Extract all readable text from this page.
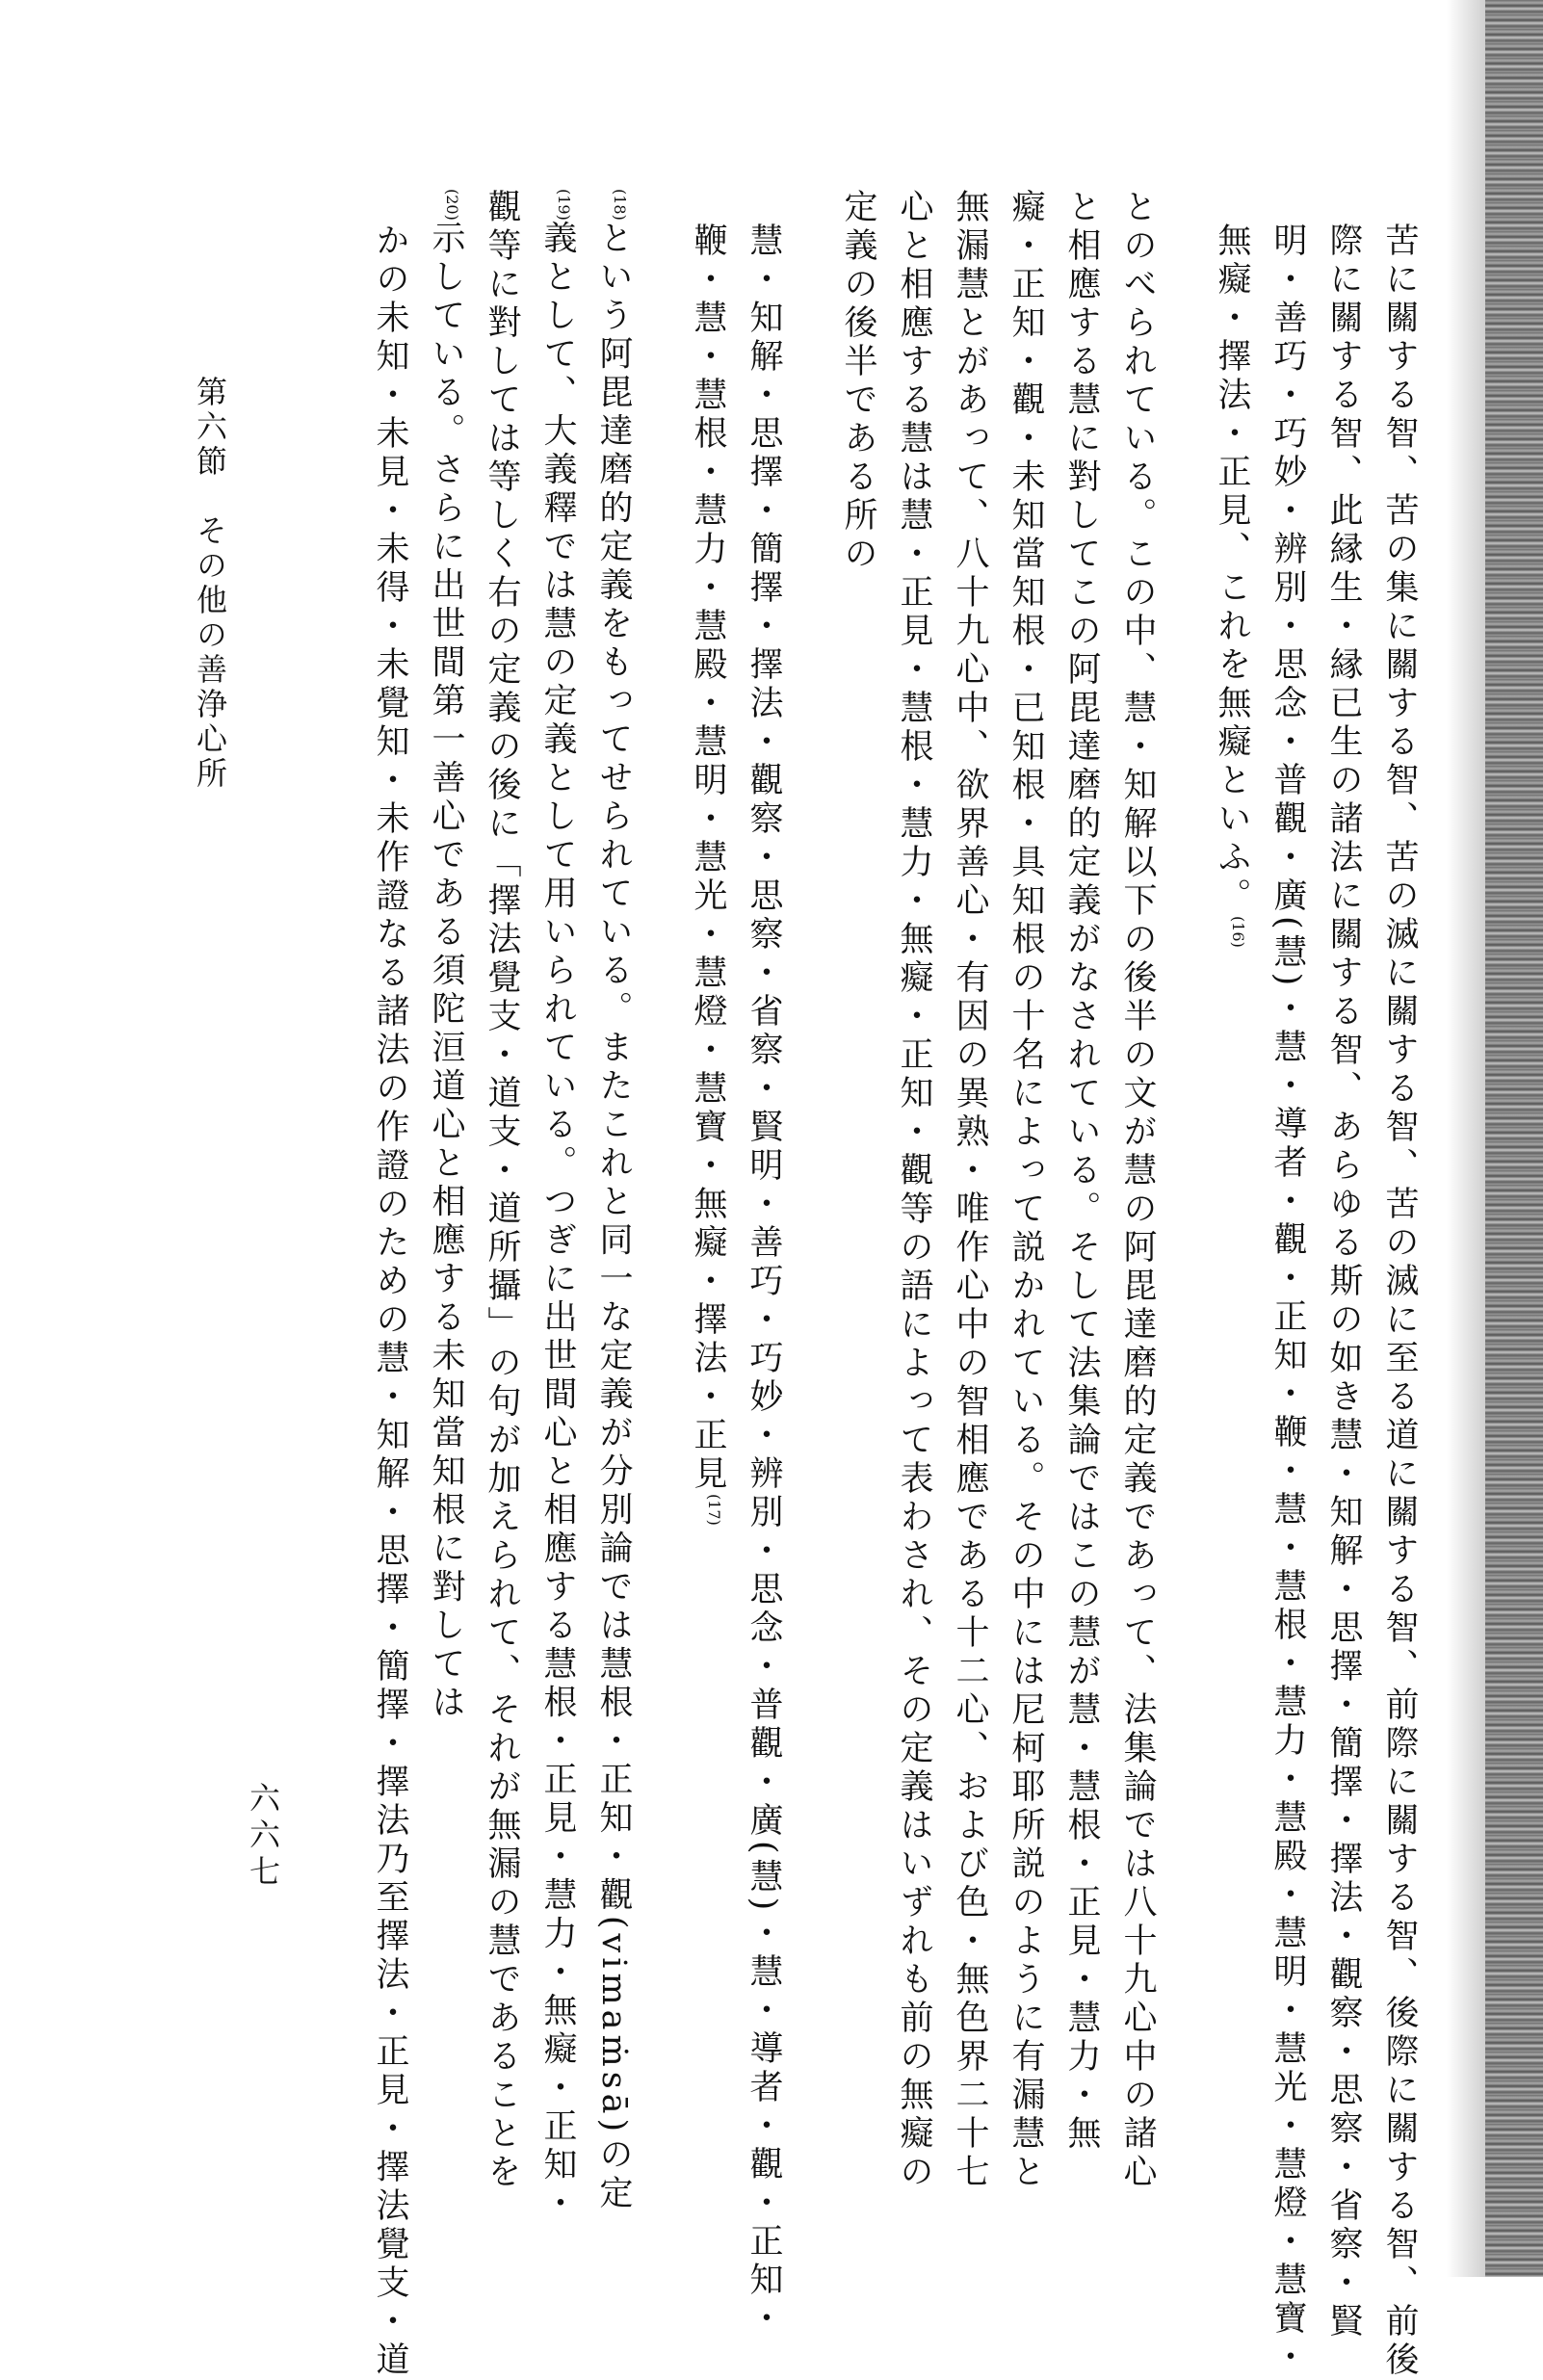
苦に關する智、苦の集に關する智、苦の滅に關する智、苦の滅に至る道に關する智、前際に關する智、後際に關する智、前後
際に關する智、此縁生・縁已生の諸法に關する智、あらゆる斯の如き慧・知解・思擇・簡擇・擇法・觀察・思察・省察・賢
明・善巧・巧妙・辨別・思念・普觀・廣(慧)・慧・導者・觀・正知・鞭・慧・慧根・慧力・慧殿・慧明・慧光・慧燈・慧寶・
無癡・擇法・正見、これを無癡といふ。$^{(16)}$
とのべられている。この中、慧・知解以下の後半の文が慧の阿毘達磨的定義であって、法集論では八十九心中の諸心
と相應する慧に對してこの阿毘達磨的定義がなされている。そして法集論ではこの慧が慧・慧根・正見・慧力・無
癡・正知・觀・未知當知根・已知根・具知根の十名によって説かれている。その中には尼柯耶所説のように有漏慧と
無漏慧とがあって、八十九心中、欲界善心・有因の異熟・唯作心中の智相應である十二心、および色・無色界二十七
心と相應する慧は慧・正見・慧根・慧力・無癡・正知・觀等の語によって表わされ、その定義はいずれも前の無癡の
定義の後半である所の
慧・知解・思擇・簡擇・擇法・觀察・思察・省察・賢明・善巧・巧妙・辨別・思念・普觀・廣(慧)・慧・導者・觀・正知・
鞭・慧・慧根・慧力・慧殿・慧明・慧光・慧燈・慧寶・無癡・擇法・正見$^{(17)}$
$^{(18)}$という阿毘達磨的定義をもってせられている。またこれと同一な定義が分別論では慧根・正知・觀(vimaṁsā)の定
$^{(19)}$義として、大義釋では慧の定義として用いられている。つぎに出世間心と相應する慧根・正見・慧力・無癡・正知・
觀等に對しては等しく右の定義の後に「擇法覺支・道支・道所攝」の句が加えられて、それが無漏の慧であることを
$^{(20)}$示している。さらに出世間第一善心である須陀洹道心と相應する未知當知根に對しては
かの未知・未見・未得・未覺知・未作證なる諸法の作證のための慧・知解・思擇・簡擇・擇法乃至擇法・正見・擇法覺支・道
第六節その他の善浄心所
六六七
